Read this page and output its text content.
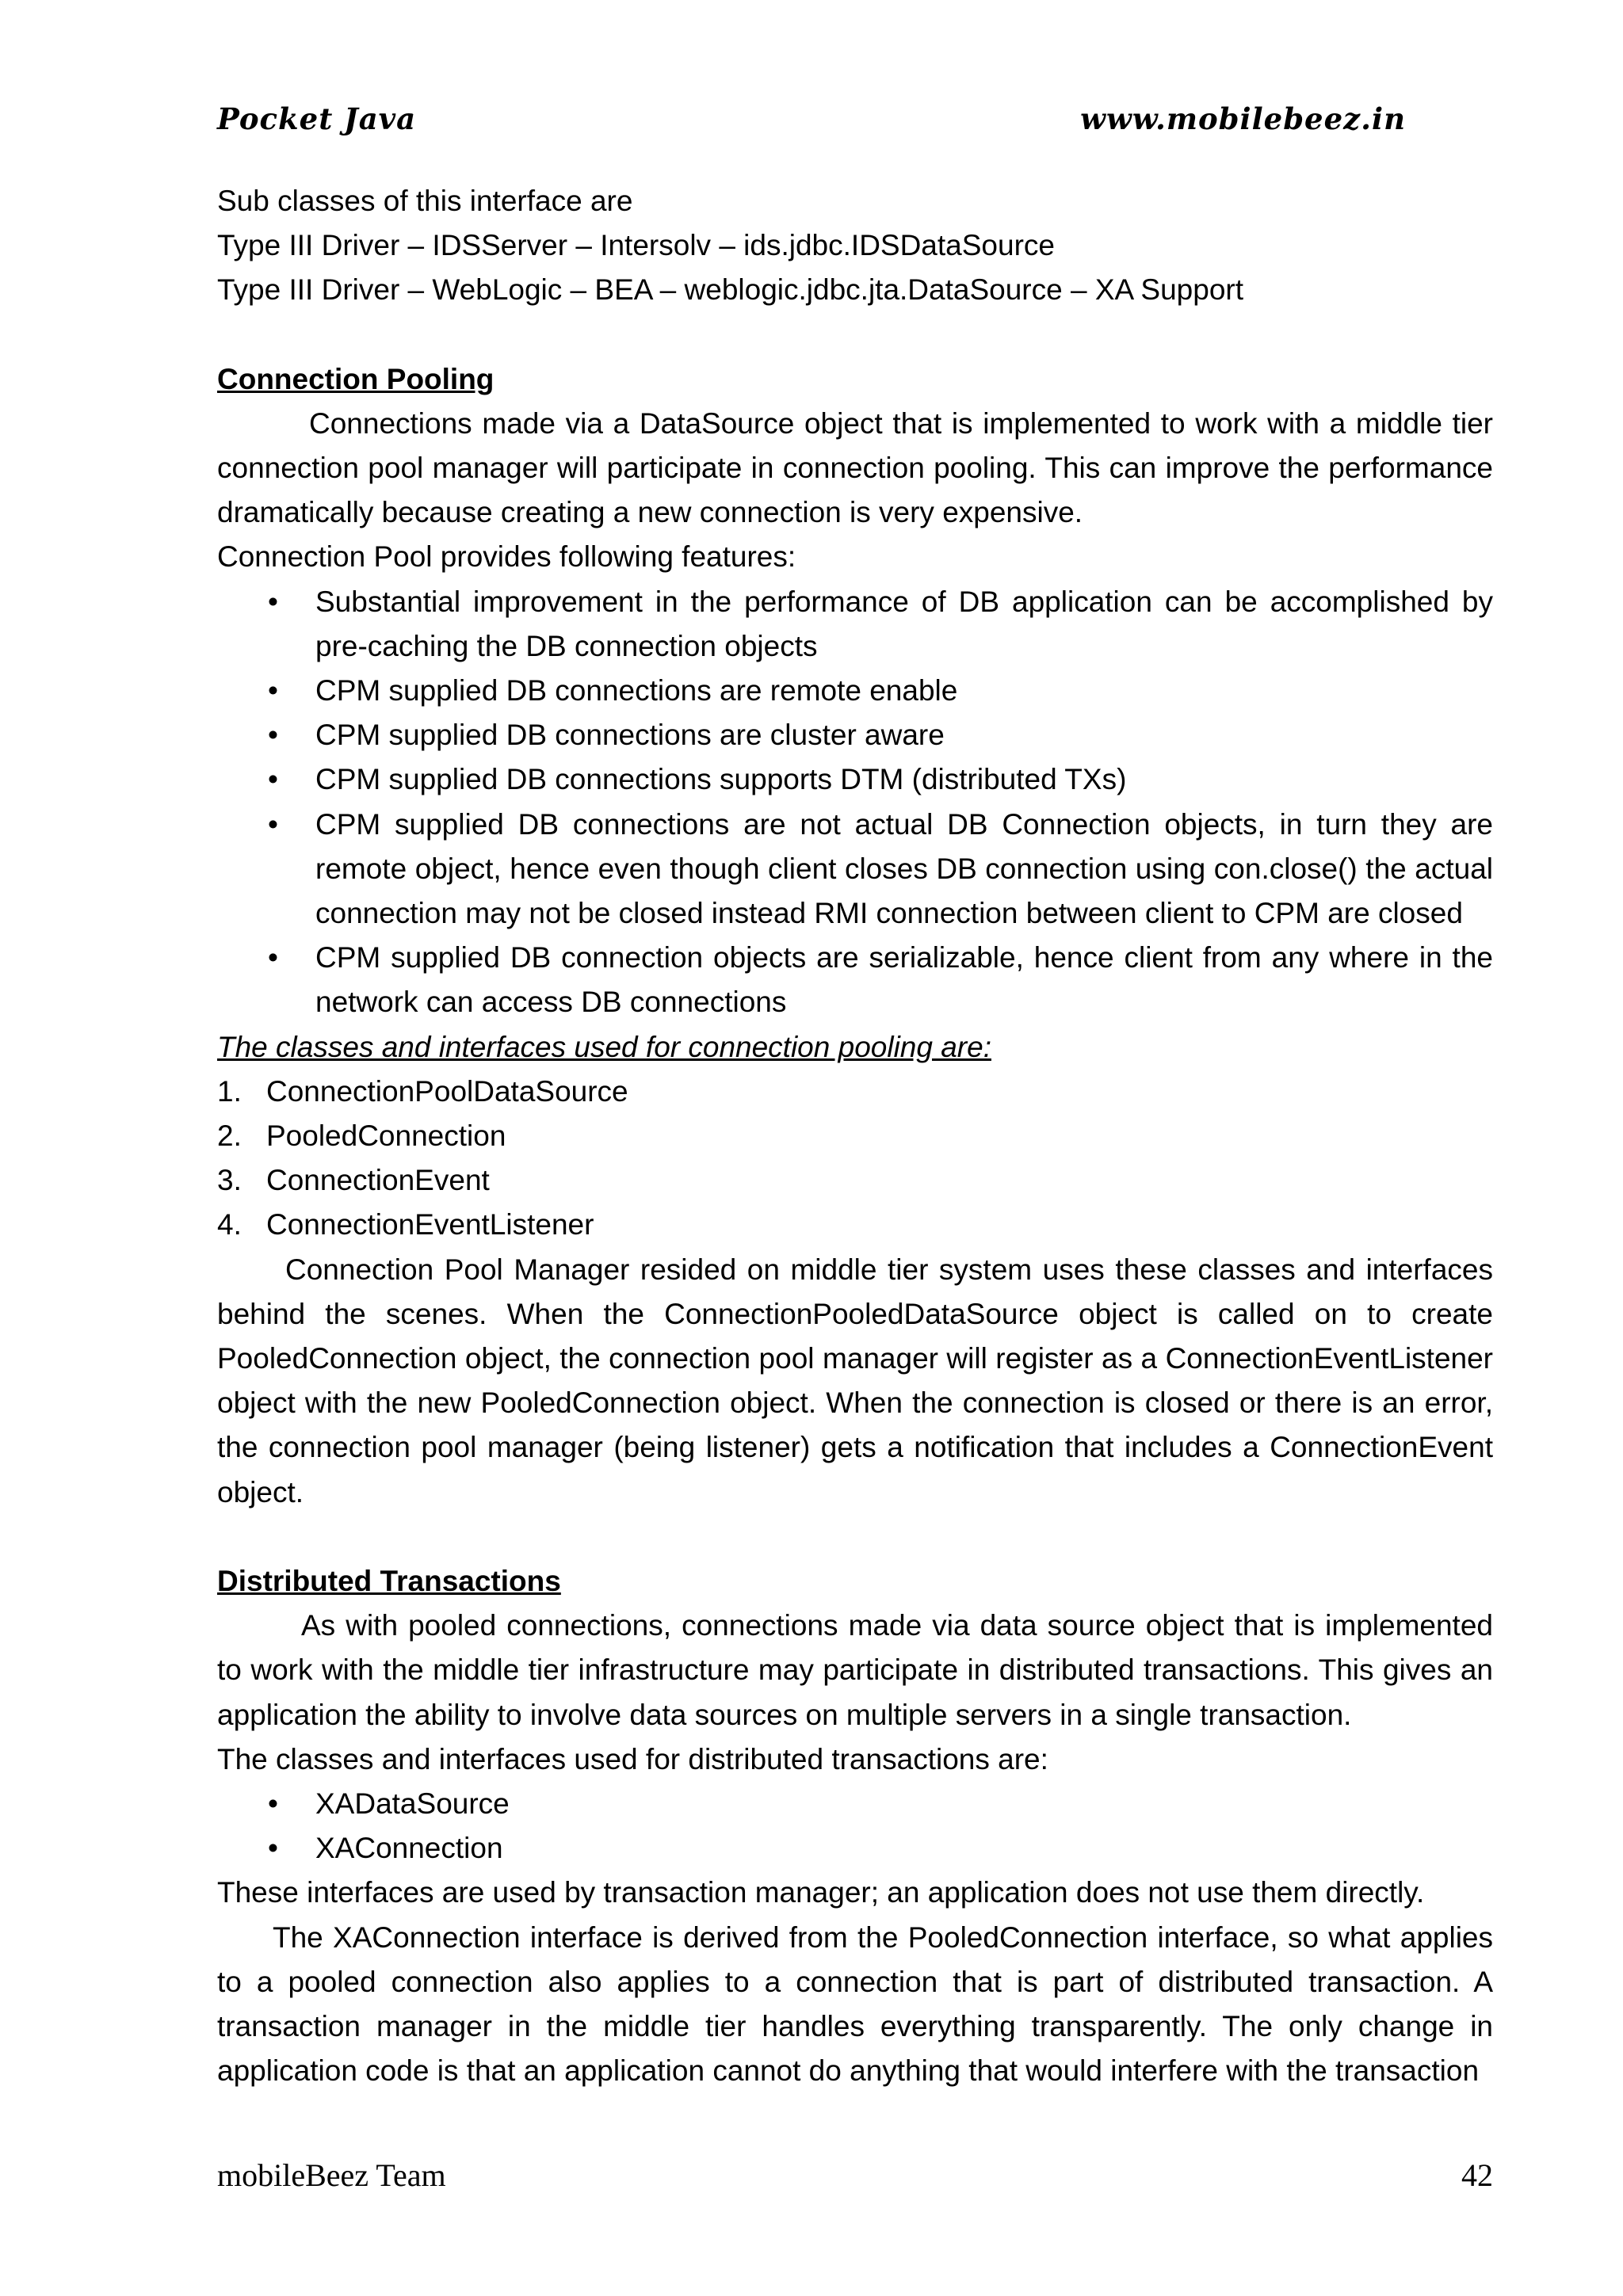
Pocket Java	www.mobilebeez.in

Sub classes of this interface are

Type III Driver – IDSServer – Intersolv – ids.jdbc.IDSDataSource

Type III Driver – WebLogic – BEA – weblogic.jdbc.jta.DataSource – XA Support

Connection Pooling

Connections made via a DataSource object that is implemented to work with a middle tier connection pool manager will participate in connection pooling. This can improve the performance dramatically because creating a new connection is very expensive.

Connection Pool provides following features:

• Substantial improvement in the performance of DB application can be accomplished by pre-caching the DB connection objects
• CPM supplied DB connections are remote enable
• CPM supplied DB connections are cluster aware
• CPM supplied DB connections supports DTM (distributed TXs)
• CPM supplied DB connections are not actual DB Connection objects, in turn they are remote object, hence even though client closes DB connection using con.close() the actual connection may not be closed instead RMI connection between client to CPM are closed
• CPM supplied DB connection objects are serializable, hence client from any where in the network can access DB connections

The classes and interfaces used for connection pooling are:

1. ConnectionPoolDataSource
2. PooledConnection
3. ConnectionEvent
4. ConnectionEventListener

Connection Pool Manager resided on middle tier system uses these classes and interfaces behind the scenes. When the ConnectionPooledDataSource object is called on to create PooledConnection object, the connection pool manager will register as a ConnectionEventListener object with the new PooledConnection object. When the connection is closed or there is an error, the connection pool manager (being listener) gets a notification that includes a ConnectionEvent object.

Distributed Transactions

As with pooled connections, connections made via data source object that is implemented to work with the middle tier infrastructure may participate in distributed transactions. This gives an application the ability to involve data sources on multiple servers in a single transaction.

The classes and interfaces used for distributed transactions are:

• XADataSource
• XAConnection

These interfaces are used by transaction manager; an application does not use them directly.

The XAConnection interface is derived from the PooledConnection interface, so what applies to a pooled connection also applies to a connection that is part of distributed transaction. A transaction manager in the middle tier handles everything transparently. The only change in application code is that an application cannot do anything that would interfere with the transaction

mobileBeez Team	42
